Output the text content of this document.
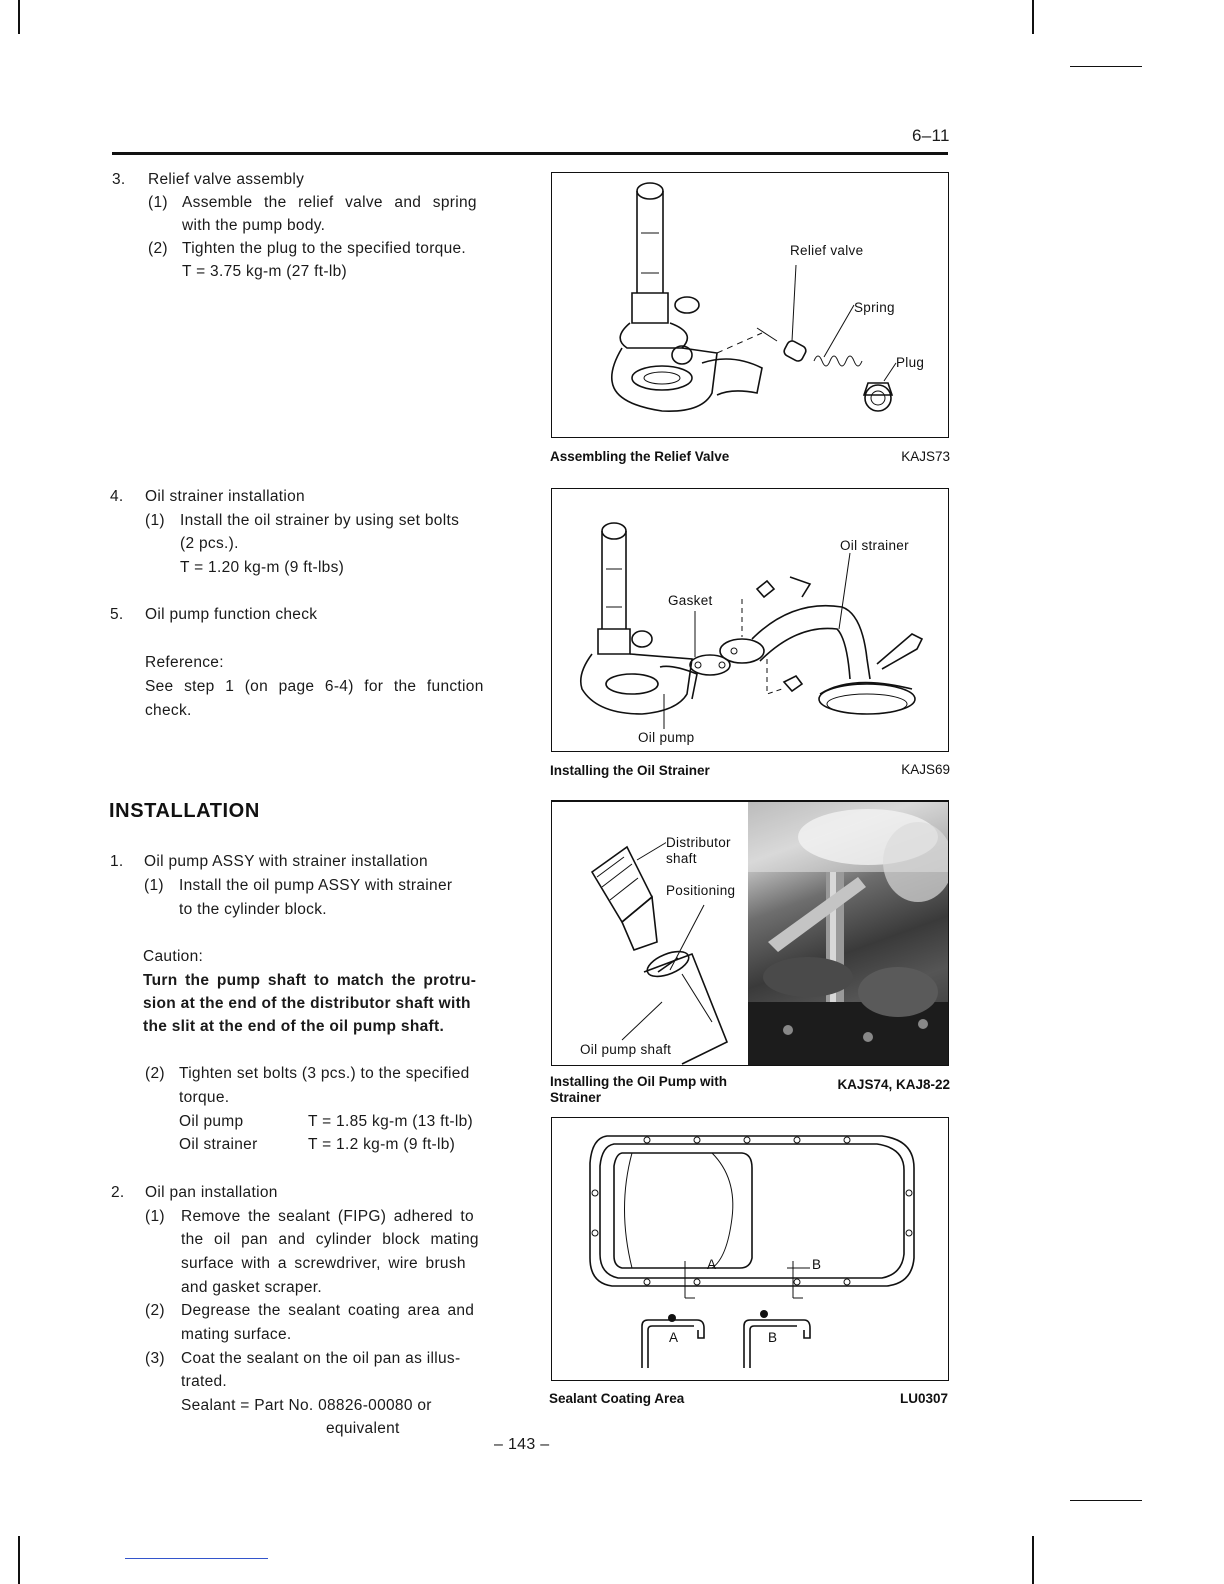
6–11
3. Relief valve assembly
(1) Assemble the relief valve and spring
with the pump body.
(2) Tighten the plug to the specified torque.
T = 3.75 kg-m (27 ft-lb)
4. Oil strainer installation
(1) Install the oil strainer by using set bolts
(2 pcs.).
T = 1.20 kg-m (9 ft-lbs)
5. Oil pump function check
Reference:
See step 1 (on page 6-4) for the function
check.
INSTALLATION
1. Oil pump ASSY with strainer installation
(1) Install the oil pump ASSY with strainer
to the cylinder block.
Caution:
Turn the pump shaft to match the protru-
sion at the end of the distributor shaft with
the slit at the end of the oil pump shaft.
(2) Tighten set bolts (3 pcs.) to the specified
torque.
Oil pump	T = 1.85 kg-m (13 ft-lb)
Oil strainer	T = 1.2 kg-m (9 ft-lb)
2. Oil pan installation
(1) Remove the sealant (FIPG) adhered to
the oil pan and cylinder block mating
surface with a screwdriver, wire brush
and gasket scraper.
(2) Degrease the sealant coating area and
mating surface.
(3) Coat the sealant on the oil pan as illus-
trated.
Sealant = Part No. 08826-00080 or
equivalent
– 143 –
Relief valve
Spring
Plug
Assembling the Relief Valve	KAJS73
Oil strainer
Gasket
Oil pump
Installing the Oil Strainer	KAJS69
Distributor
shaft
Positioning
Oil pump shaft
Installing the Oil Pump with
Strainer
KAJS74, KAJ8-22
A	B
A	B
Sealant Coating Area	LU0307
